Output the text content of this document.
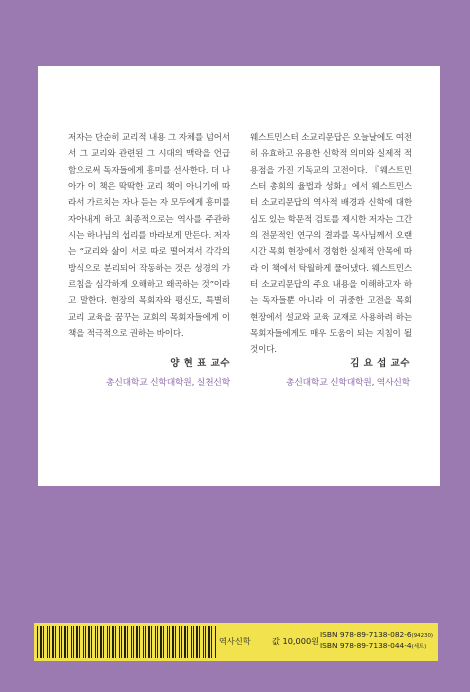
저자는 단순히 교리적 내용 그 자체를 넘어서서 그 교리와 관련된 그 시대의 맥락을 언급함으로써 독자들에게 흥미를 선사한다. 더 나아가 이 책은 딱딱한 교리 책이 아니기에 따라서 가르치는 자나 듣는 자 모두에게 흥미를 자아내게 하고 최종적으로는 역사를 주관하시는 하나님의 섭리를 바라보게 만든다. 저자는 “교리와 삶이 서로 따로 떨어져서 각각의 방식으로 분리되어 작동하는 것은 성경의 가르침을 심각하게 오해하고 왜곡하는 것”이라고 말한다. 현장의 목회자와 평신도, 특별히 교리 교육을 꿈꾸는 교회의 목회자들에게 이 책을 적극적으로 권하는 바이다.

웨스트민스터 소교리문답은 오늘날에도 여전히 유효하고 유용한 신학적 의미와 실제적 적용점을 가진 기독교의 고전이다. 『웨스트민스터 총회의 율법과 성화』에서 웨스트민스터 소교리문답의 역사적 배경과 신학에 대한 심도 있는 학문적 검토를 제시한 저자는 그간의 전문적인 연구의 결과를 목사님께서 오랜 시간 목회 현장에서 경험한 실제적 안목에 따라 이 책에서 탁월하게 풀어냈다. 웨스트민스터 소교리문답의 주요 내용을 이해하고자 하는 독자들뿐 아니라 이 귀중한 고전을 목회 현장에서 설교와 교육 교재로 사용하려 하는 목회자들에게도 매우 도움이 되는 지침이 될 것이다.

양 현 표 교수
총신대학교 신학대학원, 실천신학
김 요 섭 교수
총신대학교 신학대학원, 역사신학
역사신학	값 10,000원
ISBN 978-89-7138-082-6(94230)
ISBN 978-89-7138-044-4(세트)
